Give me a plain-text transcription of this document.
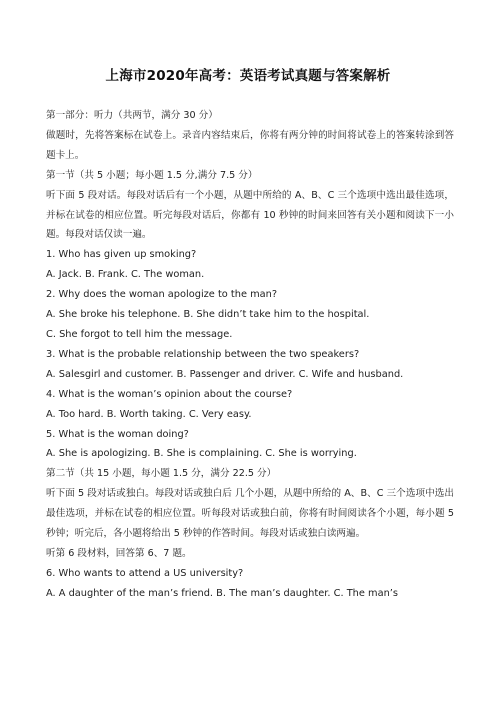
上海市2020年高考：英语考试真题与答案解析

第一部分：听力（共两节，满分 30 分）

做题时，先将答案标在试卷上。录音内容结束后，你将有两分钟的时间将试卷上的答案转涂到答题卡上。

第一节（共 5 小题；每小题 1.5 分,满分 7.5 分）

听下面 5 段对话。每段对话后有一个小题，从题中所给的 A、B、C 三个选项中选出最佳选项，并标在试卷的相应位置。听完每段对话后，你都有 10 秒钟的时间来回答有关小题和阅读下一小题。每段对话仅读一遍。

1. Who has given up smoking?

A. Jack. B. Frank. C. The woman.

2. Why does the woman apologize to the man?

A. She broke his telephone. B. She didn’t take him to the hospital.

C. She forgot to tell him the message.

3. What is the probable relationship between the two speakers?

A. Salesgirl and customer. B. Passenger and driver. C. Wife and husband.

4. What is the woman’s opinion about the course?

A. Too hard. B. Worth taking. C. Very easy.

5. What is the woman doing?

A. She is apologizing. B. She is complaining. C. She is worrying.

第二节（共 15 小题，每小题 1.5 分，满分 22.5 分）

听下面 5 段对话或独白。每段对话或独白后 几个小题，从题中所给的 A、B、C 三个选项中选出最佳选项，并标在试卷的相应位置。听每段对话或独白前，你将有时间阅读各个小题，每小题 5 秒钟；听完后，各小题将给出 5 秒钟的作答时间。每段对话或独白读两遍。

听第 6 段材料，回答第 6、7 题。

6. Who wants to attend a US university?

A. A daughter of the man’s friend. B. The man’s daughter. C. The man’s
